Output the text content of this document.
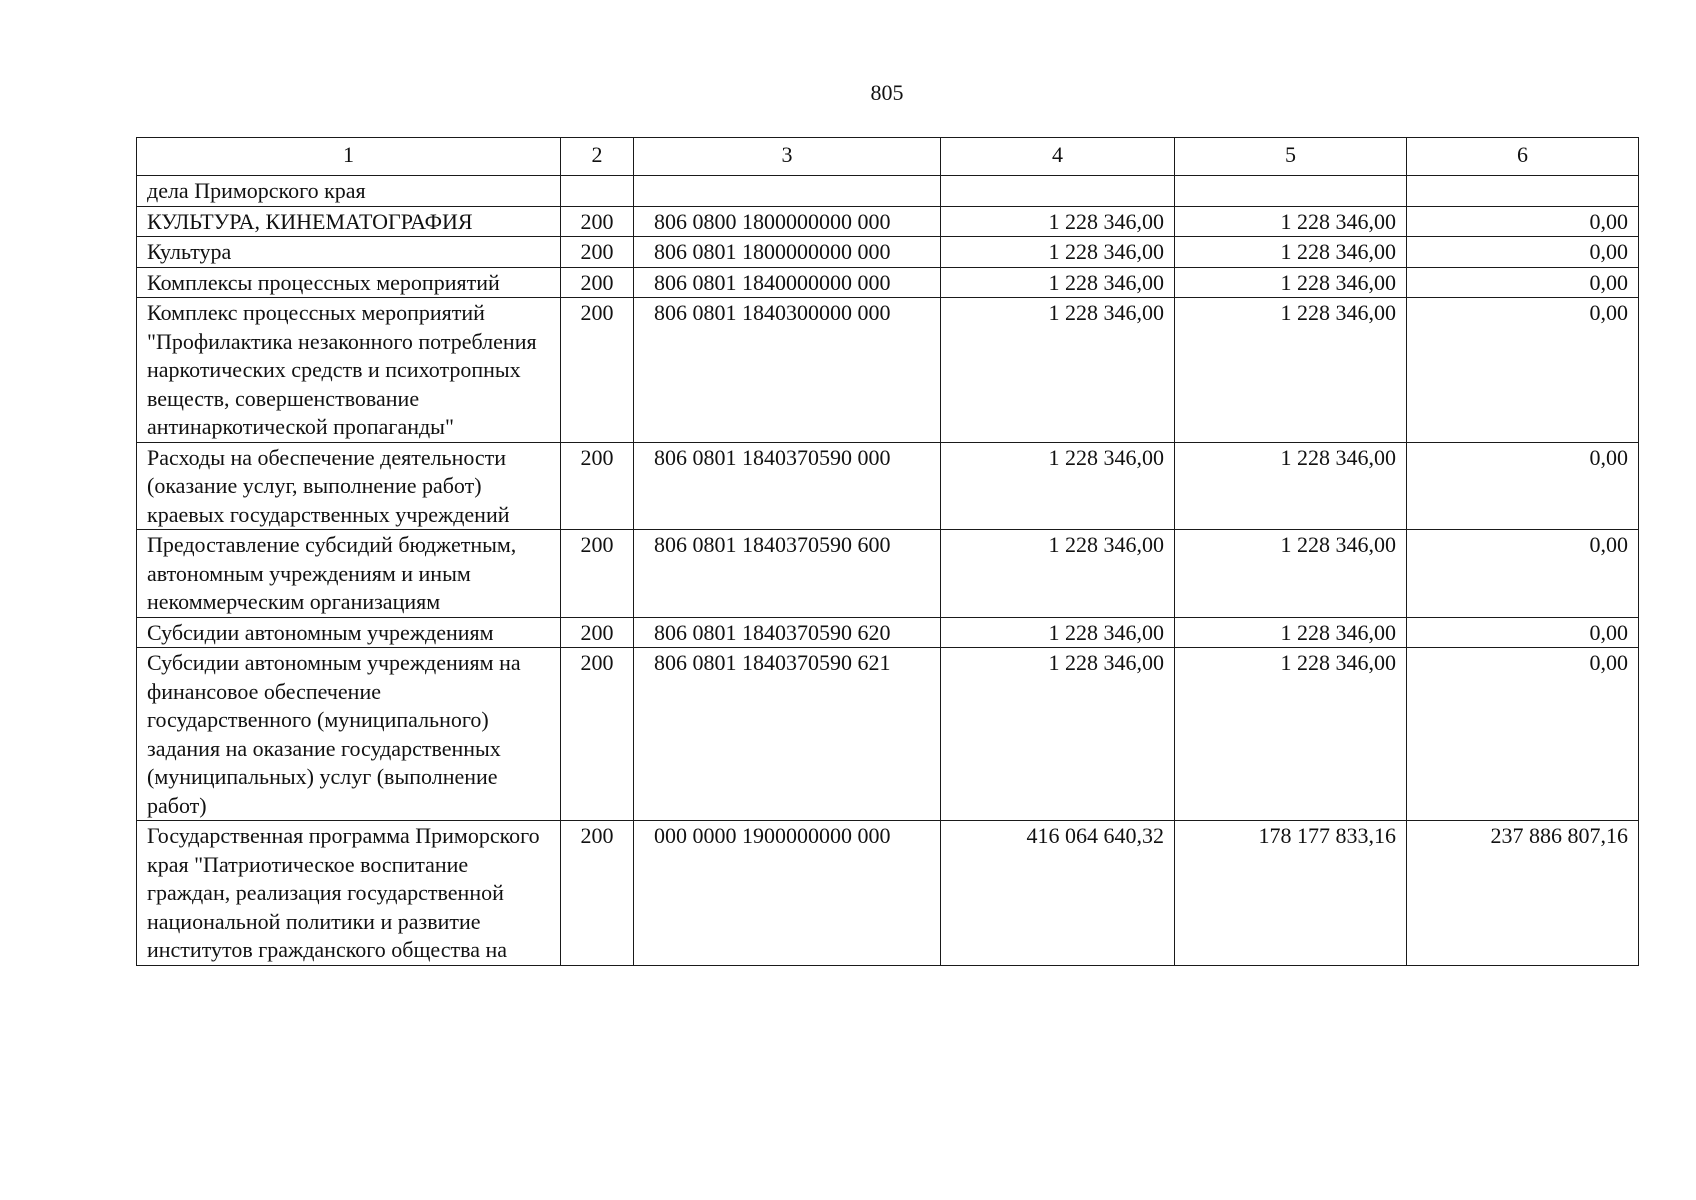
805
1	2	3	4	5	6
дела Приморского края					
КУЛЬТУРА, КИНЕМАТОГРАФИЯ	200	806 0800 1800000000 000	1 228 346,00	1 228 346,00	0,00
Культура	200	806 0801 1800000000 000	1 228 346,00	1 228 346,00	0,00
Комплексы процессных мероприятий	200	806 0801 1840000000 000	1 228 346,00	1 228 346,00	0,00
Комплекс процессных мероприятий "Профилактика незаконного потребления наркотических средств и психотропных веществ, совершенствование антинаркотической пропаганды"	200	806 0801 1840300000 000	1 228 346,00	1 228 346,00	0,00
Расходы на обеспечение деятельности (оказание услуг, выполнение работ) краевых государственных учреждений	200	806 0801 1840370590 000	1 228 346,00	1 228 346,00	0,00
Предоставление субсидий бюджетным, автономным учреждениям и иным некоммерческим организациям	200	806 0801 1840370590 600	1 228 346,00	1 228 346,00	0,00
Субсидии автономным учреждениям	200	806 0801 1840370590 620	1 228 346,00	1 228 346,00	0,00
Субсидии автономным учреждениям на финансовое обеспечение государственного (муниципального) задания на оказание государственных (муниципальных) услуг (выполнение работ)	200	806 0801 1840370590 621	1 228 346,00	1 228 346,00	0,00
Государственная программа Приморского края "Патриотическое воспитание граждан, реализация государственной национальной политики и развитие институтов гражданского общества на	200	000 0000 1900000000 000	416 064 640,32	178 177 833,16	237 886 807,16
